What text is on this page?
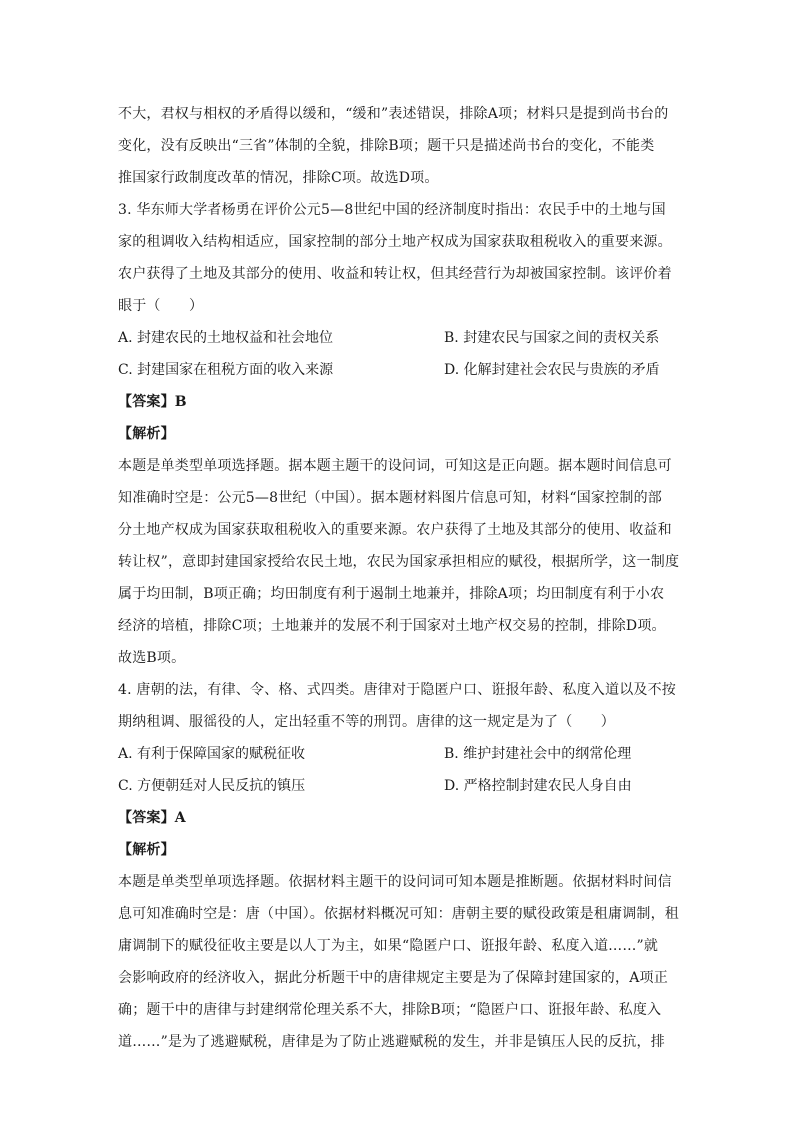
不大，君权与相权的矛盾得以缓和，“缓和”表述错误，排除A项；材料只是提到尚书台的
变化，没有反映出“三省”体制的全貌，排除B项；题干只是描述尚书台的变化，不能类
推国家行政制度改革的情况，排除C项。故选D项。
3. 华东师大学者杨勇在评价公元5—8世纪中国的经济制度时指出：农民手中的土地与国
家的租调收入结构相适应，国家控制的部分土地产权成为国家获取租税收入的重要来源。
农户获得了土地及其部分的使用、收益和转让权，但其经营行为却被国家控制。该评价着
眼于（　　）
A. 封建农民的土地权益和社会地位	B. 封建农民与国家之间的责权关系
C. 封建国家在租税方面的收入来源	D. 化解封建社会农民与贵族的矛盾
【答案】B
【解析】
本题是单类型单项选择题。据本题主题干的设问词，可知这是正向题。据本题时间信息可
知准确时空是：公元5—8世纪（中国）。据本题材料图片信息可知，材料“国家控制的部
分土地产权成为国家获取租税收入的重要来源。农户获得了土地及其部分的使用、收益和
转让权”，意即封建国家授给农民土地，农民为国家承担相应的赋役，根据所学，这一制度
属于均田制，B项正确；均田制度有利于遏制土地兼并，排除A项；均田制度有利于小农
经济的培植，排除C项；土地兼并的发展不利于国家对土地产权交易的控制，排除D项。
故选B项。
4. 唐朝的法，有律、令、格、式四类。唐律对于隐匿户口、诳报年龄、私度入道以及不按
期纳租调、服徭役的人，定出轻重不等的刑罚。唐律的这一规定是为了（　　）
A. 有利于保障国家的赋税征收	B. 维护封建社会中的纲常伦理
C. 方便朝廷对人民反抗的镇压	D. 严格控制封建农民人身自由
【答案】A
【解析】
本题是单类型单项选择题。依据材料主题干的设问词可知本题是推断题。依据材料时间信
息可知准确时空是：唐（中国）。依据材料概况可知：唐朝主要的赋役政策是租庸调制，租
庸调制下的赋役征收主要是以人丁为主，如果“隐匿户口、诳报年龄、私度入道……”就
会影响政府的经济收入，据此分析题干中的唐律规定主要是为了保障封建国家的，A项正
确；题干中的唐律与封建纲常伦理关系不大，排除B项；“隐匿户口、诳报年龄、私度入
道……”是为了逃避赋税，唐律是为了防止逃避赋税的发生，并非是镇压人民的反抗，排
